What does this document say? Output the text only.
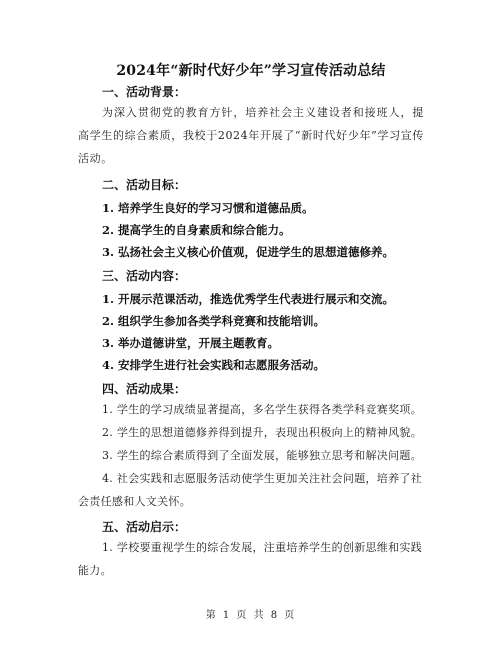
2024年“新时代好少年”学习宣传活动总结
一、活动背景：
为深入贯彻党的教育方针，培养社会主义建设者和接班人，提高学生的综合素质，我校于2024年开展了“新时代好少年”学习宣传活动。
二、活动目标：
1. 培养学生良好的学习习惯和道德品质。
2. 提高学生的自身素质和综合能力。
3. 弘扬社会主义核心价值观，促进学生的思想道德修养。
三、活动内容：
1. 开展示范课活动，推选优秀学生代表进行展示和交流。
2. 组织学生参加各类学科竞赛和技能培训。
3. 举办道德讲堂，开展主题教育。
4. 安排学生进行社会实践和志愿服务活动。
四、活动成果：
1. 学生的学习成绩显著提高，多名学生获得各类学科竞赛奖项。
2. 学生的思想道德修养得到提升，表现出积极向上的精神风貌。
3. 学生的综合素质得到了全面发展，能够独立思考和解决问题。
4. 社会实践和志愿服务活动使学生更加关注社会问题，培养了社会责任感和人文关怀。
五、活动启示：
1. 学校要重视学生的综合发展，注重培养学生的创新思维和实践能力。
第 1 页 共 8 页
